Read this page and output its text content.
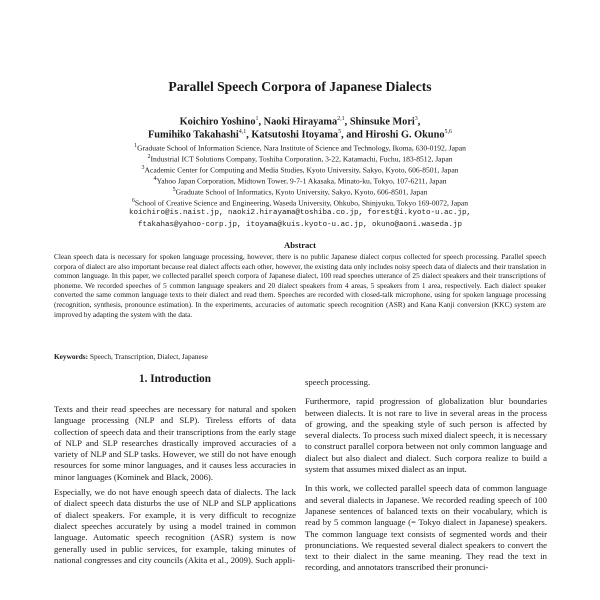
Parallel Speech Corpora of Japanese Dialects
Koichiro Yoshino$^1$, Naoki Hirayama$^{2,1}$, Shinsuke Mori$^3$,
Fumihiko Takahashi$^{4,1}$, Katsutoshi Itoyama$^5$, and Hiroshi G. Okuno$^{5,6}$
$^1$Graduate School of Information Science, Nara Institute of Science and Technology, Ikoma, 630-0192, Japan
$^2$Industrial ICT Solutions Company, Toshiba Corporation, 3-22, Katamachi, Fuchu, 183-8512, Japan
$^3$Academic Center for Computing and Media Studies, Kyoto University, Sakyo, Kyoto, 606-8501, Japan
$^4$Yahoo Japan Corporation, Midtown Tower, 9-7-1 Akasaka, Minato-ku, Tokyo, 107-6211, Japan
$^5$Graduate School of Informatics, Kyoto University, Sakyo, Kyoto, 606-8501, Japan
$^6$School of Creative Science and Engineering, Waseda University, Ohkubo, Shinjyuku, Tokyo 169-0072, Japan
koichiro@is.naist.jp, naoki2.hirayama@toshiba.co.jp, forest@i.kyoto-u.ac.jp,
ftakahas@yahoo-corp.jp, itoyama@kuis.kyoto-u.ac.jp, okuno@aoni.waseda.jp
Abstract
Clean speech data is necessary for spoken language processing, however, there is no public Japanese dialect corpus collected for speech processing. Parallel speech corpora of dialect are also important because real dialect affects each other, however, the existing data only includes noisy speech data of dialects and their translation in common language. In this paper, we collected parallel speech corpora of Japanese dialect, 100 read speeches utterance of 25 dialect speakers and their transcriptions of phoneme. We recorded speeches of 5 common language speakers and 20 dialect speakers from 4 areas, 5 speakers from 1 area, respectively. Each dialect speaker converted the same common language texts to their dialect and read them. Speeches are recorded with closed-talk microphone, using for spoken language processing (recognition, synthesis, pronounce estimation). In the experiments, accuracies of automatic speech recognition (ASR) and Kana Kanji conversion (KKC) system are improved by adapting the system with the data.
Keywords: Speech, Transcription, Dialect, Japanese
1. Introduction
Texts and their read speeches are necessary for natural and spoken language processing (NLP and SLP). Tireless efforts of data collection of speech data and their transcriptions from the early stage of NLP and SLP researches drastically improved accuracies of a variety of NLP and SLP tasks. However, we still do not have enough resources for some minor languages, and it causes less accuracies in minor languages (Kominek and Black, 2006).
Especially, we do not have enough speech data of dialects. The lack of dialect speech data disturbs the use of NLP and SLP applications of dialect speakers. For example, it is very difficult to recognize dialect speeches accurately by using a model trained in common language. Automatic speech recognition (ASR) system is now generally used in public services, for example, taking minutes of national congresses and city councils (Akita et al., 2009). Such appli-
speech processing.
Furthermore, rapid progression of globalization blur boundaries between dialects. It is not rare to live in several areas in the process of growing, and the speaking style of such person is affected by several dialects. To process such mixed dialect speech, it is necessary to construct parallel corpora between not only common language and dialect but also dialect and dialect. Such corpora realize to build a system that assumes mixed dialect as an input.
In this work, we collected parallel speech data of common language and several dialects in Japanese. We recorded reading speech of 100 Japanese sentences of balanced texts on their vocabulary, which is read by 5 common language (= Tokyo dialect in Japanese) speakers. The common language text consists of segmented words and their pronunciations. We requested several dialect speakers to convert the text to their dialect in the same meaning. They read the text in recording, and annotators transcribed their pronunci-
